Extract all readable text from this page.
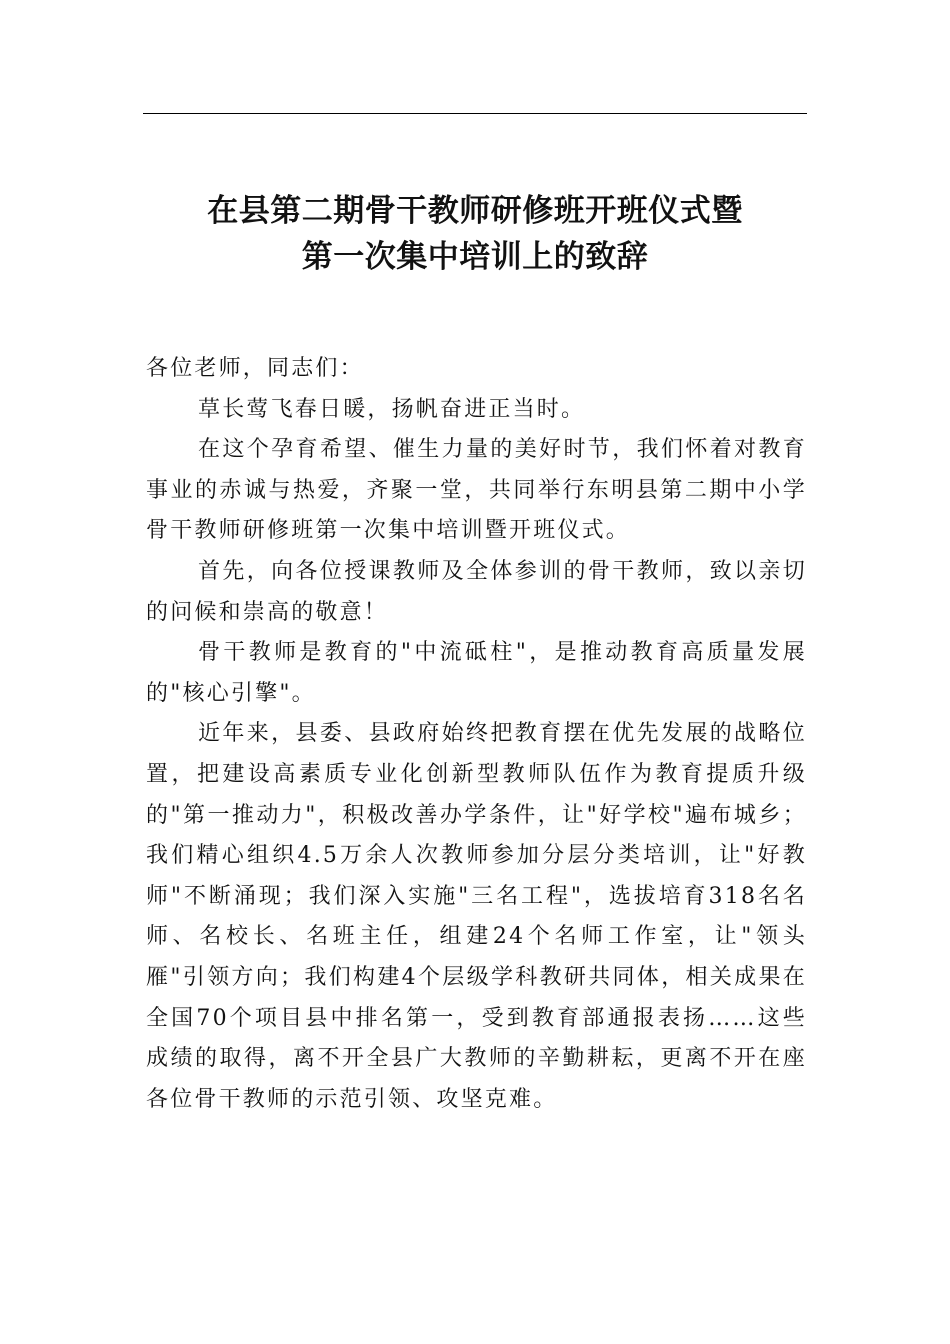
在县第二期骨干教师研修班开班仪式暨
第一次集中培训上的致辞

各位老师，同志们：

草长莺飞春日暖，扬帆奋进正当时。

在这个孕育希望、催生力量的美好时节，我们怀着对教育事业的赤诚与热爱，齐聚一堂，共同举行东明县第二期中小学骨干教师研修班第一次集中培训暨开班仪式。

首先，向各位授课教师及全体参训的骨干教师，致以亲切的问候和崇高的敬意！

骨干教师是教育的"中流砥柱"，是推动教育高质量发展的"核心引擎"。

近年来，县委、县政府始终把教育摆在优先发展的战略位置，把建设高素质专业化创新型教师队伍作为教育提质升级的"第一推动力"，积极改善办学条件，让"好学校"遍布城乡；我们精心组织4.5万余人次教师参加分层分类培训，让"好教师"不断涌现；我们深入实施"三名工程"，选拔培育318名名师、名校长、名班主任，组建24个名师工作室，让"领头雁"引领方向；我们构建4个层级学科教研共同体，相关成果在全国70个项目县中排名第一，受到教育部通报表扬……这些成绩的取得，离不开全县广大教师的辛勤耕耘，更离不开在座各位骨干教师的示范引领、攻坚克难。
